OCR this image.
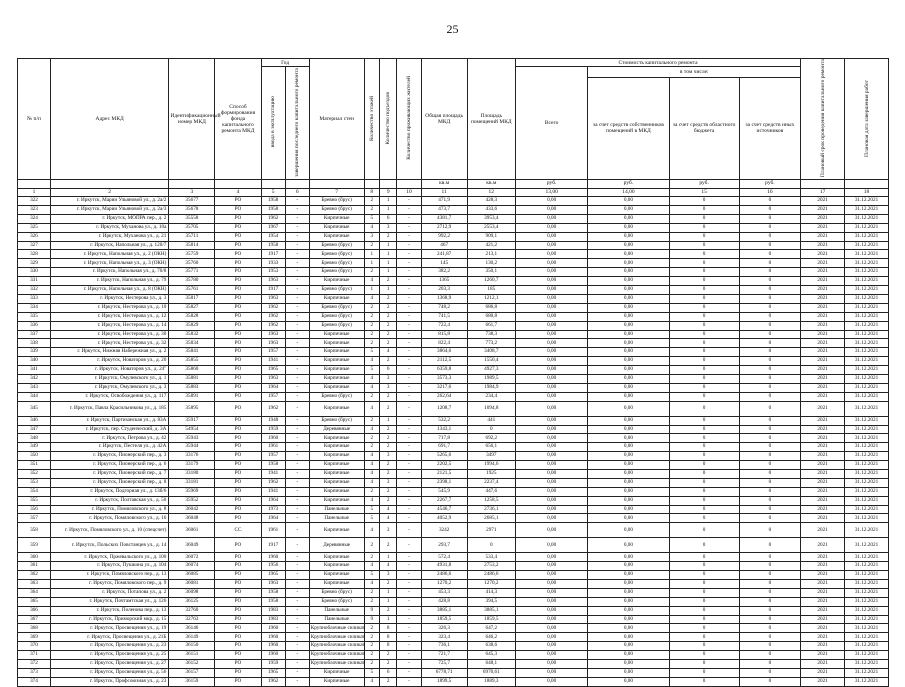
25
№ п/п	Адрес МКД	Идентификационный номер МКД	Способ формирования фонда капитального ремонта МКД	Год		Материал стен	Количество этажей	Количество подъездов	Количество проживающих жителей	Общая площадь МКД	Площадь помещений МКД	Стоимость капитального ремонта				Плановый срок проведения капитального ремонта	Плановая дата завершения работ
				ввода в эксплуатацию	завершения последнего капитального ремонта							Всего	в том числе:				
													за счет средств собственников помещений в МКД	за счет средств областного бюджета	за счет средств иных источников		
										кв.м	кв.м	руб.	руб.	руб.	руб.		
1	2	3	4	5	6	7	8	9	10	11	12	13,00	14,00	15	16	17	18
322	г. Иркутск, Марии Ульяновой ул., д. 2а/2	35677	РО	1958	-	Брeвно (брус)	2	1	-	471,9	428,3	0,00	0,00	0	0	2021	31.12.2021
323	г. Иркутск, Марии Ульяновой ул., д. 2а/3	35678	РО	1958	-	Бревно (брус)	2	1	-	473,7	433,6	0,00	0,00	0	0	2021	31.12.2021
324	г. Иркутск, МОПРА пер., д. 2	35558	РО	1962	-	Кирпичные	5	6	-	4381,7	3953,4	0,00	0,00	0	0	2021	31.12.2021
325	г. Иркутск, Муханова ул., д. 10а	35705	РО	1967	-	Кирпичные	4	3	-	2712,9	2553,4	0,00	0,00	0	0	2021	31.12.2021
326	г. Иркутск, Муханова ул., д. 21	35711	РО	1954	-	Кирпичные	3	2	-	992,2	909,1	0,00	0,00	0	0	2021	31.12.2021
327	г. Иркутск, Напольная ул., д. 120/7	35814	РО	1958	-	Бревно (брус)	2	1	-	467	421,2	0,00	0,00	0	0	2021	31.12.2021
328	г. Иркутск, Напольная ул., д. 2 (ОКН)	35759	РО	1917	-	Бревно (брус)	1	1	-	241,87	213,1	0,00	0,00	0	0	2021	31.12.2021
329	г. Иркутск, Напольная ул., д. 3 (ОКН)	35760	РО	1933	-	Бревно (брус)	1	1	-	145	130,2	0,00	0,00	0	0	2021	31.12.2021
330	г. Иркутск, Напольная ул., д. 70/8	35771	РО	1953	-	Бревно (брус)	2	1	-	382,2	350,1	0,00	0,00	0	0	2021	31.12.2021
331	г. Иркутск, Напольная ул., д. 79	35780	РО	1963	-	Кирпичные	4	2	-	1365	1260,7	0,00	0,00	0	0	2021	31.12.2021
332	г. Иркутск, Напольная ул., д. 8 (ОКН)	35761	РО	1917	-	Бревно (брус)	1	1	-	203,3	185	0,00	0,00	0	0	2021	31.12.2021
333	г. Иркутск, Нестерова ул., д. 3	35817	РО	1963	-	Кирпичные	4	2	-	1368,9	1212,1	0,00	0,00	0	0	2021	31.12.2021
334	г. Иркутск, Нестерова ул., д. 10	35827	РО	1962	-	Бревно (брус)	2	2	-	748,2	686,8	0,00	0,00	0	0	2021	31.12.2021
335	г. Иркутск, Нестерова ул., д. 12	35828	РО	1962	-	Бревно (брус)	2	2	-	741,5	680,8	0,00	0,00	0	0	2021	31.12.2021
336	г. Иркутск, Нестерова ул., д. 14	35829	РО	1962	-	Бревно (брус)	2	2	-	722,4	661,7	0,00	0,00	0	0	2021	31.12.2021
337	г. Иркутск, Нестерова ул., д. 30	35832	РО	1963	-	Кирпичные	2	2	-	815,8	738,3	0,00	0,00	0	0	2021	31.12.2021
338	г. Иркутск, Нестерова ул., д. 32	35834	РО	1963	-	Кирпичные	2	2	-	822,4	773,2	0,00	0,00	0	0	2021	31.12.2021
339	г. Иркутск, Нижняя Набережная ул., д. 2	35841	РО	1957	-	Кирпичные	5	4	-	3864,6	3408,7	0,00	0,00	0	0	2021	31.12.2021
340	г. Иркутск, Новаторов ул., д. 20	35855	РО	1941	-	Кирпичные	4	2	-	2112,5	1550,4	0,00	0,00	0	0	2021	31.12.2021
341	г. Иркутск, Новаторов ул., д. 24"	35860	РО	1965	-	Кирпичные	5	6	-	6359,8	4927,3	0,00	0,00	0	0	2021	31.12.2021
342	г. Иркутск, Омулевского ул., д. 1	35881	РО	1963	-	Кирпичные	4	3	-	3573,3	1989,5	0,00	0,00	0	0	2021	31.12.2021
343	г. Иркутск, Омулевского ул., д. 3	35883	РО	1964	-	Кирпичные	4	3	-	3217,6	1984,9	0,00	0,00	0	0	2021	31.12.2021
344	г. Иркутск, Освобождения ул., д. 117	35891	РО	1957	-	Бревно (брус)	2	2	-	262,64	234,4	0,00	0,00	0	0	2021	31.12.2021
345	г. Иркутск, Павла Красильникова ул., д. 185	35895	РО	1962	-	Кирпичные	4	2	-	1208,7	1094,8	0,00	0,00	0	0	2021	31.12.2021
346	г. Иркутск, Партизанская ул., д. 83А	35917	РО	1948	-	Бревно (брус)	2	1	-	532,2	441	0,00	0,00	0	0	2021	31.12.2021
347	г. Иркутск, пер. Студенческий, д. 3А	54954	РО	1959	-	Деревянные	4	2	-	1343,1	0	0,00	0,00	0	0	2021	31.12.2021
348	г. Иркутск, Петрова ул., д. 42	35943	РО	1960	-	Кирпичные	2	2	-	717,8	692,2	0,00	0,00	0	0	2021	31.12.2021
349	г. Иркутск, Пестеля ул., д. 42А	35944	РО	1961	-	Кирпичные	2	2	-	691,7	656,1	0,00	0,00	0	0	2021	31.12.2021
350	г. Иркутск, Пионерский пер., д. 3	33176	РО	1957	-	Кирпичные	4	3	-	5265,6	3497	0,00	0,00	0	0	2021	31.12.2021
351	г. Иркутск, Пионерский пер., д. 6	33179	РО	1958	-	Кирпичные	4	2	-	2202,5	1994,6	0,00	0,00	0	0	2021	31.12.2021
352	г. Иркутск, Пионерский пер., д. 7	33180	РО	1941	-	Кирпичные	4	2	-	2121,5	1925	0,00	0,00	0	0	2021	31.12.2021
353	г. Иркутск, Пионерский пер., д. 8	33181	РО	1962	-	Кирпичные	4	3	-	2398,1	2237,4	0,00	0,00	0	0	2021	31.12.2021
354	г. Иркутск, Подгорная ул., д. 13б/6	35969	РО	1941	-	Кирпичные	2	2	-	545,9	447,6	0,00	0,00	0	0	2021	31.12.2021
355	г. Иркутск, Полтавская ул., д. 50	35952	РО	1964	-	Кирпичные	4	2	-	2267,7	1258,5	0,00	0,00	0	0	2021	31.12.2021
356	г. Иркутск, Помяловского ул., д. 8	36042	РО	1973	-	Панельные	5	4	-	4546,7	2736,1	0,00	0,00	0	0	2021	31.12.2021
357	г. Иркутск, Помяловского ул., д. 16	36048	РО	1964	-	Панельные	5	4	-	4052,9	2685,1	0,00	0,00	0	0	2021	31.12.2021
358	г. Иркутск, Помяловского ул., д. 10 (спецсчет)	36061	СС	1961	-	Кирпичные	4	3	-	3242	2971	0,00	0,00	0	0	2021	31.12.2021
359	г. Иркутск, Польских Повстанцев ул., д. 14	36049	РО	1917	-	Деревянные	2	2	-	293,7	0	0,00	0,00	0	0	2021	31.12.2021
360	г. Иркутск, Пржевальского ул., д. 100	36072	РО	1960	-	Кирпичные	2	1	-	572,4	533,4	0,00	0,00	0	0	2021	31.12.2021
361	г. Иркутск, Пушкина ул., д. 104	36074	РО	1956	-	Кирпичные	4	4	-	4931,8	2753,2	0,00	0,00	0	0	2021	31.12.2021
362	г. Иркутск, Помяловского пер., д. 13	36085	РО	1965	-	Кирпичные	5	3	-	2486,6	2486,6	0,00	0,00	0	0	2021	31.12.2021
363	г. Иркутск, Помяловского пер., д. 9	36081	РО	1963	-	Кирпичные	4	2	-	1270,2	1270,2	0,00	0,00	0	0	2021	31.12.2021
364	г. Иркутск, Потапова ул., д. 2	36098	РО	1958	-	Бревно (брус)	2	1	-	453,3	414,3	0,00	0,00	0	0	2021	31.12.2021
365	г. Иркутск, Почтамтская ул., д. 126	36125	РО	1958	-	Бревно (брус)	2	1	-	428,8	394,5	0,00	0,00	0	0	2021	31.12.2021
366	г. Иркутск, Поленова пер., д. 13	32760	РО	1983	-	Панельные	9	2	-	3885,1	3885,1	0,00	0,00	0	0	2021	31.12.2021
367	г. Иркутск, Приморский мкр., д. 15	32763	РО	1983	-	Панельные	9	1	-	1859,5	1859,5	0,00	0,00	0	0	2021	31.12.2021
368	г. Иркутск, Просвещения ул., д. 19	36146	РО	1960	-	Крупноблочные силикат	2	8	-	326,3	647,2	0,00	0,00	0	0	2021	31.12.2021
369	г. Иркутск, Просвещения ул., д. 21Б	36149	РО	1960	-	Крупноблочные силикат	2	8	-	323,4	646,2	0,00	0,00	0	0	2021	31.12.2021
370	г. Иркутск, Просвещения ул., д. 23	36150	РО	1960	-	Крупноблочные силикат	2	8	-	736,1	638,6	0,00	0,00	0	0	2021	31.12.2021
371	г. Иркутск, Просвещения ул., д. 25	36151	РО	1960	-	Крупноблочные силикат	2	2	-	721,7	645,3	0,00	0,00	0	0	2021	31.12.2021
372	г. Иркутск, Просвещения ул., д. 27	36152	РО	1959	-	Крупноблочные силикат	2	2	-	725,7	648,1	0,00	0,00	0	0	2021	31.12.2021
373	г. Иркутск, Просвещения ул., д. 56	36157	РО	1965	-	Кирпичные	5	6	-	6778,71	6970,61	0,00	0,00	0	0	2021	31.12.2021
374	г. Иркутск, Профсоюзная ул., д. 23	36159	РО	1962	-	Кирпичные	4	2	-	1899,5	1889,3	0,00	0,00	0	0	2021	31.12.2021
